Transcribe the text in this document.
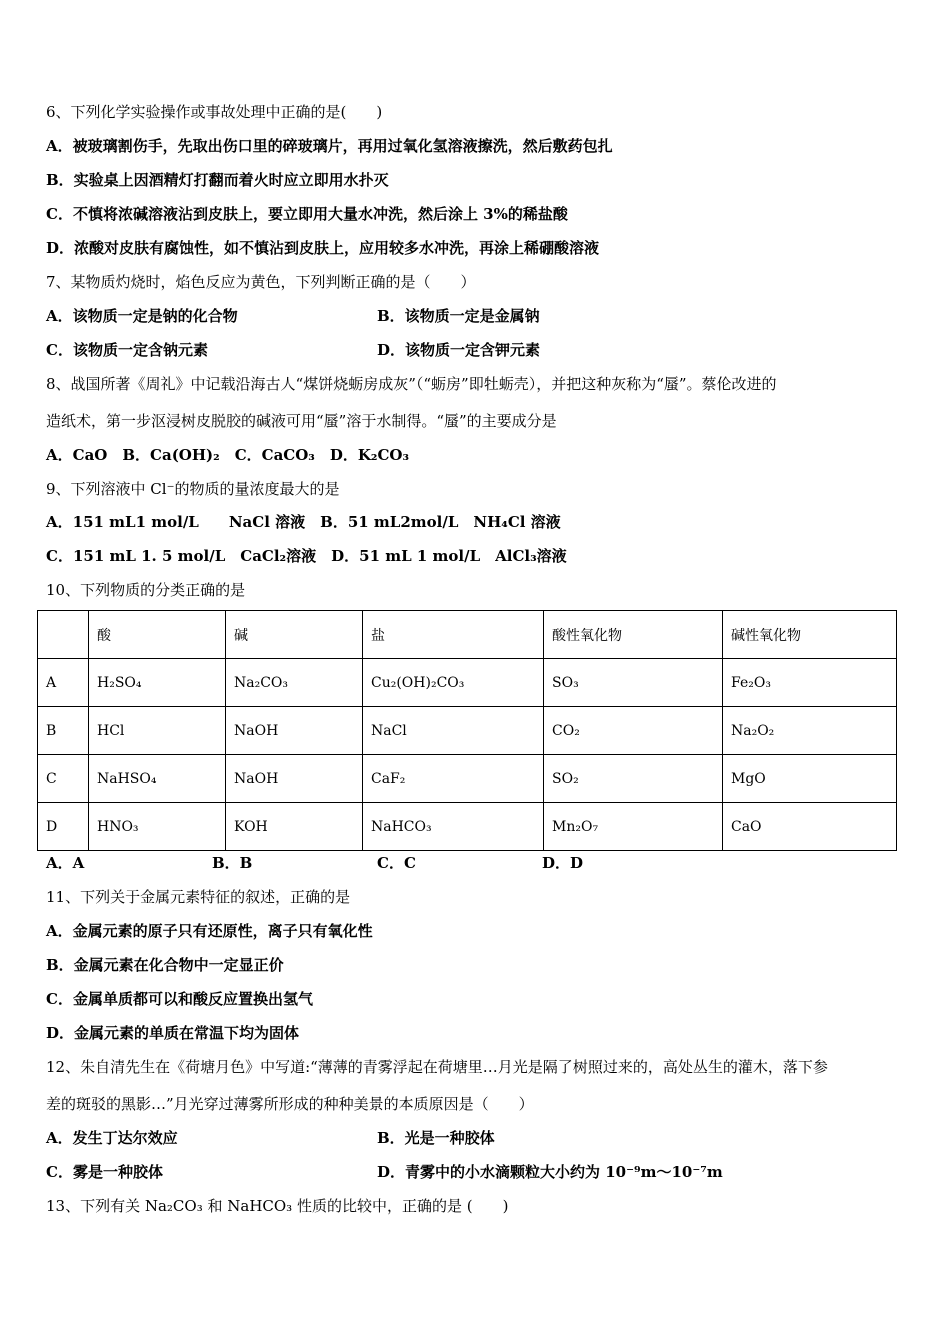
6、下列化学实验操作或事故处理中正确的是(　　)
A．被玻璃割伤手，先取出伤口里的碎玻璃片，再用过氧化氢溶液擦洗，然后敷药包扎
B．实验桌上因酒精灯打翻而着火时应立即用水扑灭
C．不慎将浓碱溶液沾到皮肤上，要立即用大量水冲洗，然后涂上 3%的稀盐酸
D．浓酸对皮肤有腐蚀性，如不慎沾到皮肤上，应用较多水冲洗，再涂上稀硼酸溶液
7、某物质灼烧时，焰色反应为黄色，下列判断正确的是（　　）
A．该物质一定是钠的化合物	B．该物质一定是金属钠
C．该物质一定含钠元素	D．该物质一定含钾元素
8、战国所著《周礼》中记载沿海古人“煤饼烧蛎房成灰”（“蛎房”即牡蛎壳），并把这种灰称为“蜃”。蔡伦改进的
造纸术，第一步沤浸树皮脱胶的碱液可用“蜃”溶于水制得。“蜃”的主要成分是
A．CaO　B．Ca(OH)₂　C．CaCO₃　D．K₂CO₃
9、下列溶液中 Cl⁻的物质的量浓度最大的是
A．151 mL1 mol/L　　NaCl 溶液　B．51 mL2mol/L　NH₄Cl 溶液
C．151 mL 1. 5 mol/L　CaCl₂溶液　D．51 mL 1 mol/L　AlCl₃溶液
10、下列物质的分类正确的是
	酸	碱	盐	酸性氧化物	碱性氧化物
A	H₂SO₄	Na₂CO₃	Cu₂(OH)₂CO₃	SO₃	Fe₂O₃
B	HCl	NaOH	NaCl	CO₂	Na₂O₂
C	NaHSO₄	NaOH	CaF₂	SO₂	MgO
D	HNO₃	KOH	NaHCO₃	Mn₂O₇	CaO
A．A	B．B	C．C	D．D
11、下列关于金属元素特征的叙述，正确的是
A．金属元素的原子只有还原性，离子只有氧化性
B．金属元素在化合物中一定显正价
C．金属单质都可以和酸反应置换出氢气
D．金属元素的单质在常温下均为固体
12、朱自清先生在《荷塘月色》中写道:“薄薄的青雾浮起在荷塘里…月光是隔了树照过来的，高处丛生的灌木，落下参
差的斑驳的黑影…”月光穿过薄雾所形成的种种美景的本质原因是（　　）
A．发生丁达尔效应	B．光是一种胶体
C．雾是一种胶体	D．青雾中的小水滴颗粒大小约为 10⁻⁹m～10⁻⁷m
13、下列有关 Na₂CO₃ 和 NaHCO₃ 性质的比较中，正确的是 (　　)
